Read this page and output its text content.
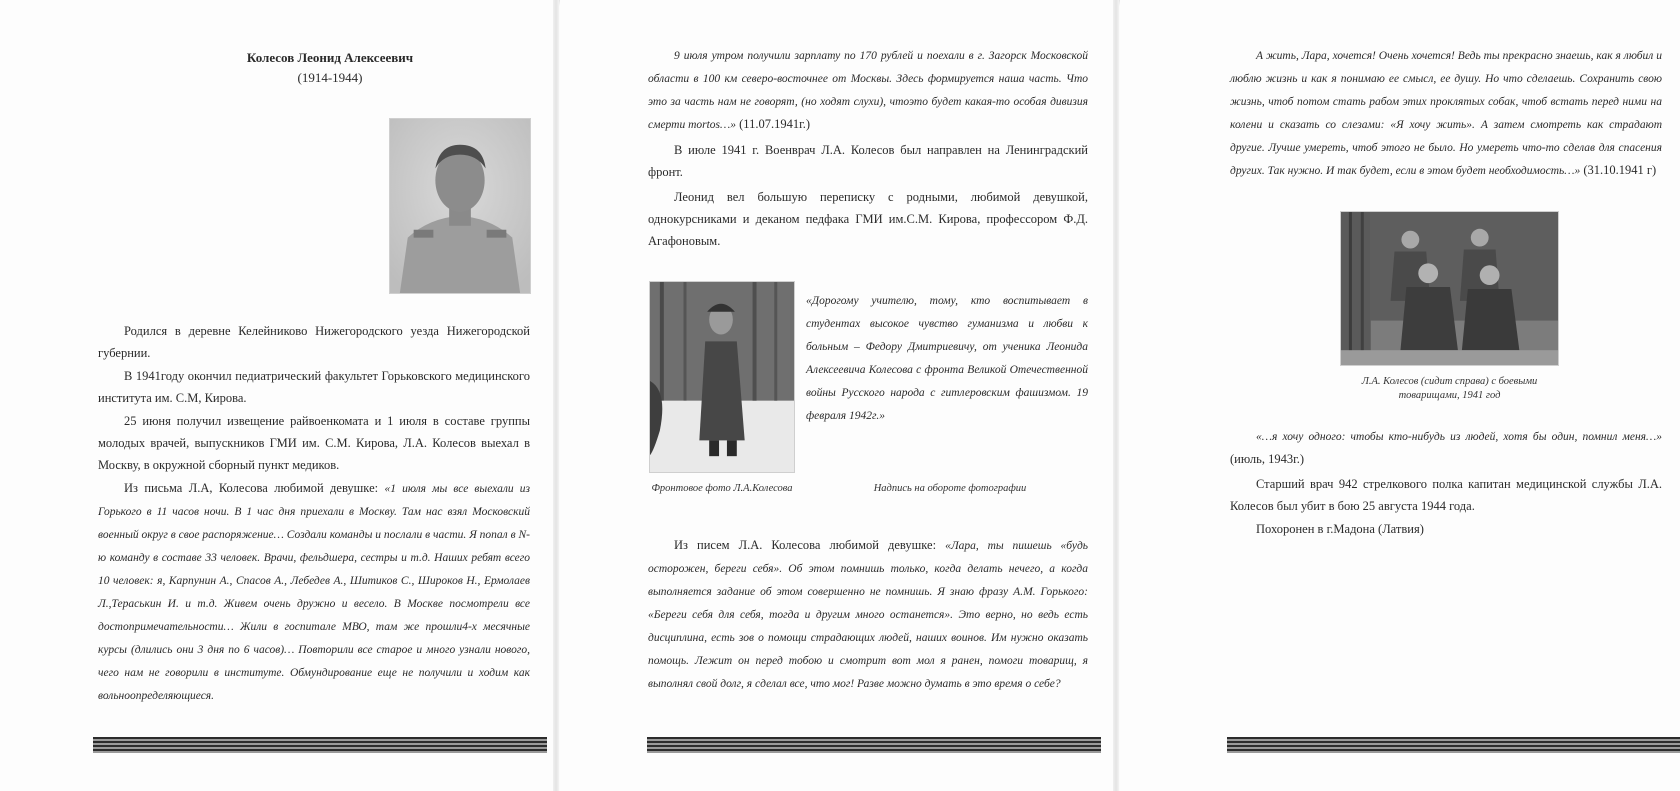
Колесов Леонид Алексеевич
(1914-1944)

Родился в деревне Келейниково Нижегородского уезда Нижегородской губернии.

В 1941году окончил педиатрический факультет Горьковского медицинского института им. С.М, Кирова.

25 июня получил извещение райвоенкомата и 1 июля в составе группы молодых врачей, выпускников ГМИ им. С.М. Кирова, Л.А. Колесов выехал в Москву, в окружной сборный пункт медиков.

Из письма Л.А, Колесова любимой девушке: «1 июля мы все выехали из Горького в 11 часов ночи. В 1 час дня приехали в Москву. Там нас взял Московский военный округ в свое распоряжение… Создали команды и послали в части. Я попал в N-ю команду в составе 33 человек. Врачи, фельдшера, сестры и т.д. Наших ребят всего 10 человек: я, Карпунин А., Спасов А., Лебедев А., Шитиков С., Широков Н., Ермолаев Л.,Тераськин И. и т.д. Живем очень дружно и весело. В Москве посмотрели все достопримечательности… Жили в госпитале МВО, там же прошли4-х месячные курсы (длились они 3 дня по 6 часов)… Повторили все старое и много узнали нового, чего нам не говорили в институте. Обмундирование еще не получили и ходим как вольноопределяющиеся.

9 июля утром получили зарплату по 170 рублей и поехали в г. Загорск Московской области в 100 км северо-восточнее от Москвы. Здесь формируется наша часть. Что это за часть нам не говорят, (но ходят слухи), чтоэто будет какая-то особая дивизия смерти mortos…» (11.07.1941г.)

В июле 1941 г. Военврач Л.А. Колесов был направлен на Ленинградский фронт.

Леонид вел большую переписку с родными, любимой девушкой, однокурсниками и деканом педфака ГМИ им.С.М. Кирова, профессором Ф.Д. Агафоновым.

«Дорогому учителю, тому, кто воспитывает в студентах высокое чувство гуманизма и любви к больным – Федору Дмитриевичу, от ученика Леонида Алексеевича Колесова с фронта Великой Отечественной войны Русского народа с гитлеровским фашизмом. 19 февраля 1942г.»
Фронтовое фото Л.А.Колесова	Надпись на обороте фотографии

Из писем Л.А. Колесова любимой девушке: «Лара, ты пишешь «будь осторожен, береги себя». Об этом помнишь только, когда делать нечего, а когда выполняется задание об этом совершенно не помнишь. Я знаю фразу А.М. Горького: «Береги себя для себя, тогда и другим много останется». Это верно, но ведь есть дисциплина, есть зов о помощи страдающих людей, наших воинов. Им нужно оказать помощь. Лежит он перед тобою и смотрит вот мол я ранен, помоги товарищ, я выполнял свой долг, я сделал все, что мог! Разве можно думать в это время о себе?

А жить, Лара, хочется! Очень хочется! Ведь ты прекрасно знаешь, как я любил и люблю жизнь и как я понимаю ее смысл, ее душу. Но что сделаешь. Сохранить свою жизнь, чтоб потом стать рабом этих проклятых собак, чтоб встать перед ними на колени и сказать со слезами: «Я хочу жить». А затем смотреть как страдают другие. Лучше умереть, чтоб этого не было. Но умереть что-то сделав для спасения других. Так нужно. И так будет, если в этом будет необходимость…» (31.10.1941 г)

Л.А. Колесов (сидит справа) с боевыми товарищами, 1941 год

«…я хочу одного: чтобы кто-нибудь из людей, хотя бы один, помнил меня…» (июль, 1943г.)

Старший врач 942 стрелкового полка капитан медицинской службы Л.А. Колесов был убит в бою 25 августа 1944 года.

Похоронен в г.Мадона (Латвия)
